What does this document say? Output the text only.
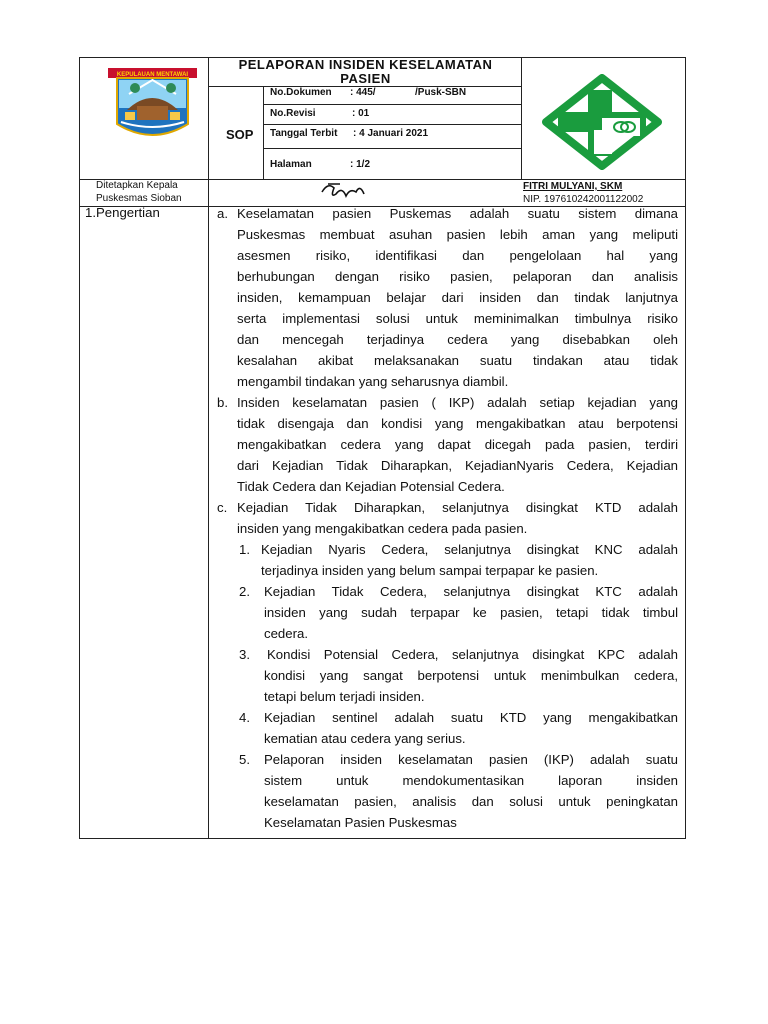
KEPULAUAN MENTAWAI
PELAPORAN INSIDEN KESELAMATAN
PASIEN
SOP
No.Dokumen : 445/	/Pusk-SBN
No.Revisi	: 01
Tanggal Terbit : 4 Januari 2021
Halaman	: 1/2
Ditetapkan Kepala
Puskesmas Sioban
FITRI MULYANI, SKM
NIP. 197610242001122002
1.Pengertian	a. Keselamatan pasien Puskemas adalah suatu sistem dimana
Puskesmas membuat asuhan pasien lebih aman yang meliputi
asesmen risiko, identifikasi dan pengelolaan hal yang
berhubungan dengan risiko pasien, pelaporan dan analisis
insiden, kemampuan belajar dari insiden dan tindak lanjutnya
serta implementasi solusi untuk meminimalkan timbulnya risiko
dan mencegah terjadinya cedera yang disebabkan oleh
kesalahan akibat melaksanakan suatu tindakan atau tidak
mengambil tindakan yang seharusnya diambil.
b. Insiden keselamatan pasien ( IKP) adalah setiap kejadian yang
tidak disengaja dan kondisi yang mengakibatkan atau berpotensi
mengakibatkan cedera yang dapat dicegah pada pasien, terdiri
dari Kejadian Tidak Diharapkan, KejadianNyaris Cedera, Kejadian
Tidak Cedera dan Kejadian Potensial Cedera.
c. Kejadian Tidak Diharapkan, selanjutnya disingkat KTD adalah
insiden yang mengakibatkan cedera pada pasien.
1. Kejadian Nyaris Cedera, selanjutnya disingkat KNC adalah
terjadinya insiden yang belum sampai terpapar ke pasien.
2. Kejadian Tidak Cedera, selanjutnya disingkat KTC adalah
insiden yang sudah terpapar ke pasien, tetapi tidak timbul
cedera.
3. Kondisi Potensial Cedera, selanjutnya disingkat KPC adalah
kondisi yang sangat berpotensi untuk menimbulkan cedera,
tetapi belum terjadi insiden.
4. Kejadian sentinel adalah suatu KTD yang mengakibatkan
kematian atau cedera yang serius.
5. Pelaporan insiden keselamatan pasien (IKP) adalah suatu
sistem untuk mendokumentasikan laporan insiden
keselamatan pasien, analisis dan solusi untuk peningkatan
Keselamatan Pasien Puskesmas
